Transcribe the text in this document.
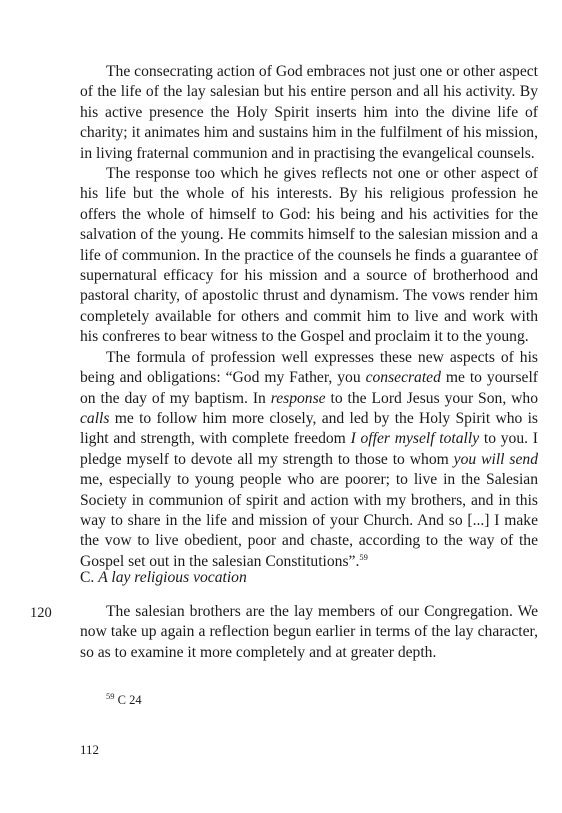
The consecrating action of God embraces not just one or other aspect of the life of the lay salesian but his entire person and all his activity. By his active presence the Holy Spirit inserts him into the divine life of charity; it animates him and sustains him in the fulfilment of his mission, in living fraternal communion and in practising the evangelical counsels.

The response too which he gives reflects not one or other aspect of his life but the whole of his interests. By his religious profession he offers the whole of himself to God: his being and his activities for the salvation of the young. He commits himself to the salesian mission and a life of communion. In the practice of the counsels he finds a guarantee of supernatural efficacy for his mission and a source of brotherhood and pastoral charity, of apostolic thrust and dynamism. The vows render him completely available for others and commit him to live and work with his confreres to bear witness to the Gospel and proclaim it to the young.

The formula of profession well expresses these new aspects of his being and obligations: “God my Father, you consecrated me to yourself on the day of my baptism. In response to the Lord Jesus your Son, who calls me to follow him more closely, and led by the Holy Spirit who is light and strength, with complete freedom I offer myself totally to you. I pledge myself to devote all my strength to those to whom you will send me, especially to young people who are poorer; to live in the Salesian Society in communion of spirit and action with my brothers, and in this way to share in the life and mission of your Church. And so [...] I make the vow to live obedient, poor and chaste, according to the way of the Gospel set out in the salesian Constitutions”.$^{59}$

C. A lay religious vocation
120	The salesian brothers are the lay members of our Congregation. We now take up again a reflection begun earlier in terms of the lay character, so as to examine it more completely and at greater depth.

$^{59}$ C 24
112
